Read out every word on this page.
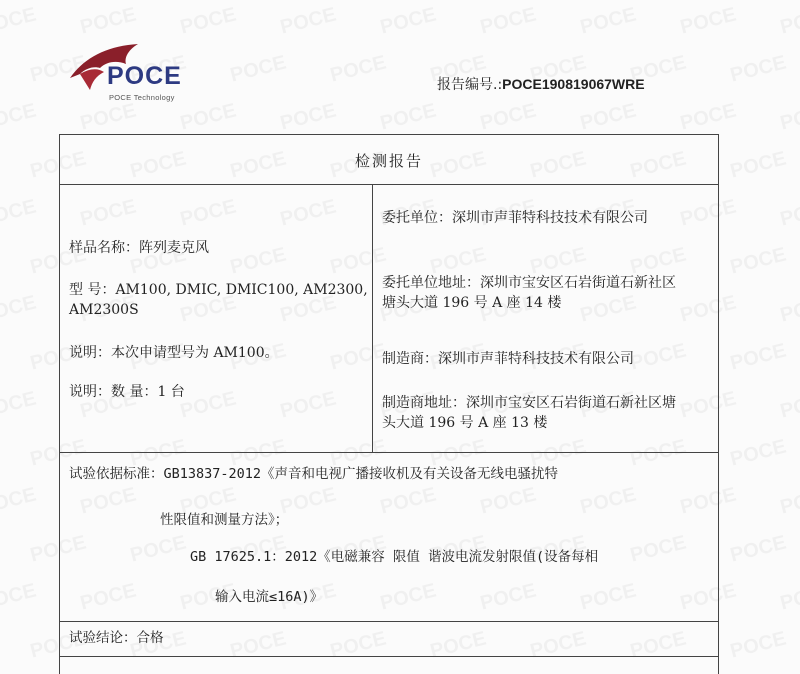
POCE
POCE Technology
报告编号.:POCE190819067WRE
检测报告
样品名称：阵列麦克风
型 号：AM100, DMIC, DMIC100, AM2300,
AM2300S
说明：本次申请型号为 AM100。
说明：数 量：1 台
委托单位：深圳市声菲特科技技术有限公司
委托单位地址：深圳市宝安区石岩街道石新社区
塘头大道 196 号 A 座 14 楼
制造商：深圳市声菲特科技技术有限公司
制造商地址：深圳市宝安区石岩街道石新社区塘
头大道 196 号 A 座 13 楼
试验依据标准：GB13837-2012《声音和电视广播接收机及有关设备无线电骚扰特
性限值和测量方法》；
GB 17625.1：2012《电磁兼容 限值 谐波电流发射限值(设备每相
输入电流≤16A)》
试验结论：合格
